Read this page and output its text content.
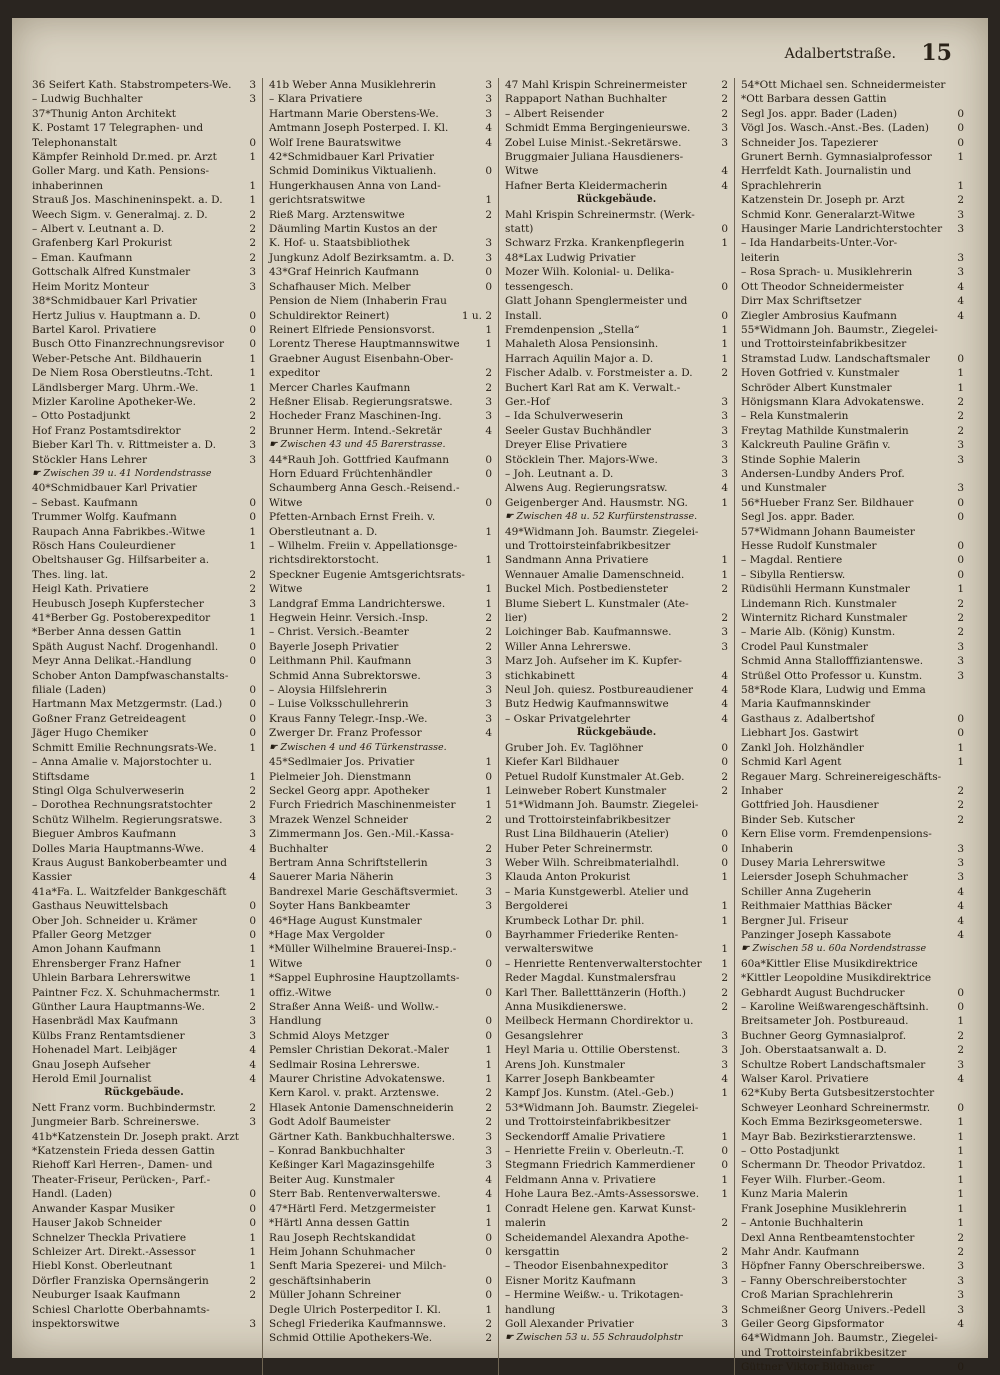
Adalbertstraße. 15
36 Seifert Kath. Stabstrompeters-We.	3
– Ludwig Buchhalter	3
37*Thunig Anton Architekt
K. Postamt 17 Telegraphen- und
Telephonanstalt	0
Kämpfer Reinhold Dr.med. pr. Arzt	1
Goller Marg. und Kath. Pensions-
inhaberinnen	1
Strauß Jos. Maschineninspekt. a. D.	1
Weech Sigm. v. Generalmaj. z. D.	2
– Albert v. Leutnant a. D.	2
Grafenberg Karl Prokurist	2
– Eman. Kaufmann	2
Gottschalk Alfred Kunstmaler	3
Heim Moritz Monteur	3
38*Schmidbauer Karl Privatier
Hertz Julius v. Hauptmann a. D.	0
Bartel Karol. Privatiere	0
Busch Otto Finanzrechnungsrevisor	0
Weber-Petsche Ant. Bildhauerin	1
De Niem Rosa Oberstleutns.-Tcht.	1
Ländlsberger Marg. Uhrm.-We.	1
Mizler Karoline Apotheker-We.	2
– Otto Postadjunkt	2
Hof Franz Postamtsdirektor	2
Bieber Karl Th. v. Rittmeister a. D.	3
Stöckler Hans Lehrer	3
☛ Zwischen 39 u. 41 Nordendstrasse
40*Schmidbauer Karl Privatier
– Sebast. Kaufmann	0
Trummer Wolfg. Kaufmann	0
Raupach Anna Fabrikbes.-Witwe	1
Rösch Hans Couleurdiener	1
Obeltshauser Gg. Hilfsarbeiter a.
Thes. ling. lat.	2
Heigl Kath. Privatiere	2
Heubusch Joseph Kupferstecher	3
41*Berber Gg. Postoberexpeditor	1
*Berber Anna dessen Gattin	1
Späth August Nachf. Drogenhandl.	0
Meyr Anna Delikat.-Handlung	0
Schober Anton Dampfwaschanstalts-
filiale (Laden)	0
Hartmann Max Metzgermstr. (Lad.)	0
Goßner Franz Getreideagent	0
Jäger Hugo Chemiker	0
Schmitt Emilie Rechnungsrats-We.	1
– Anna Amalie v. Majorstochter u.
Stiftsdame	1
Stingl Olga Schulverweserin	2
– Dorothea Rechnungsratstochter	2
Schütz Wilhelm. Regierungsratswe.	3
Bieguer Ambros Kaufmann	3
Dolles Maria Hauptmanns-Wwe.	4
Kraus August Bankoberbeamter und
Kassier	4
41a*Fa. L. Waitzfelder Bankgeschäft
Gasthaus Neuwittelsbach	0
Ober Joh. Schneider u. Krämer	0
Pfaller Georg Metzger	0
Amon Johann Kaufmann	1
Ehrensberger Franz Hafner	1
Uhlein Barbara Lehrerswitwe	1
Paintner Fcz. X. Schuhmachermstr.	1
Günther Laura Hauptmanns-We.	2
Hasenbrädl Max Kaufmann	3
Külbs Franz Rentamtsdiener	3
Hohenadel Mart. Leibjäger	4
Gnau Joseph Aufseher	4
Herold Emil Journalist	4
Rückgebäude.
Nett Franz vorm. Buchbindermstr.	2
Jungmeier Barb. Schreinerswe.	3
41b*Katzenstein Dr. Joseph prakt. Arzt
*Katzenstein Frieda dessen Gattin
Riehoff Karl Herren-, Damen- und
Theater-Friseur, Perücken-, Parf.-
Handl. (Laden)	0
Anwander Kaspar Musiker	0
Hauser Jakob Schneider	0
Schnelzer Theckla Privatiere	1
Schleizer Art. Direkt.-Assessor	1
Hiebl Konst. Oberleutnant	1
Dörfler Franziska Opernsängerin	2
Neuburger Isaak Kaufmann	2
Schiesl Charlotte Oberbahnamts-
inspektorswitwe	3
41b Weber Anna Musiklehrerin	3
– Klara Privatiere	3
Hartmann Marie Oberstens-We.	3
Amtmann Joseph Posterped. I. Kl.	4
Wolf Irene Bauratswitwe	4
42*Schmidbauer Karl Privatier
Schmid Dominikus Viktualienh.	0
Hungerkhausen Anna von Land-
gerichtsratswitwe	1
Rieß Marg. Arztenswitwe	2
Däumling Martin Kustos an der
K. Hof- u. Staatsbibliothek	3
Jungkunz Adolf Bezirksamtm. a. D.	3
43*Graf Heinrich Kaufmann	0
Schafhauser Mich. Melber	0
Pension de Niem (Inhaberin Frau
Schuldirektor Reinert)	1 u. 2
Reinert Elfriede Pensionsvorst.	1
Lorentz Therese Hauptmannswitwe	1
Graebner August Eisenbahn-Ober-
expeditor	2
Mercer Charles Kaufmann	2
Heßner Elisab. Regierungsratswe.	3
Hocheder Franz Maschinen-Ing.	3
Brunner Herm. Intend.-Sekretär	4
☛ Zwischen 43 und 45 Barerstrasse.
44*Rauh Joh. Gottfried Kaufmann	0
Horn Eduard Früchtenhändler	0
Schaumberg Anna Gesch.-Reisend.-
Witwe	0
Pfetten-Arnbach Ernst Freih. v.
Oberstleutnant a. D.	1
– Wilhelm. Freiin v. Appellationsge-
richtsdirektorstocht.	1
Speckner Eugenie Amtsgerichtsrats-
Witwe	1
Landgraf Emma Landrichterswe.	1
Hegwein Heinr. Versich.-Insp.	2
– Christ. Versich.-Beamter	2
Bayerle Joseph Privatier	2
Leithmann Phil. Kaufmann	3
Schmid Anna Subrektorswe.	3
– Aloysia Hilfslehrerin	3
– Luise Volksschullehrerin	3
Kraus Fanny Telegr.-Insp.-We.	3
Zwerger Dr. Franz Professor	4
☛ Zwischen 4 und 46 Türkenstrasse.
45*Sedlmaier Jos. Privatier	1
Pielmeier Joh. Dienstmann	0
Seckel Georg appr. Apotheker	1
Furch Friedrich Maschinenmeister	1
Mrazek Wenzel Schneider	2
Zimmermann Jos. Gen.-Mil.-Kassa-
Buchhalter	2
Bertram Anna Schriftstellerin	3
Sauerer Maria Näherin	3
Bandrexel Marie Geschäftsvermiet.	3
Soyter Hans Bankbeamter	3
46*Hage August Kunstmaler
*Hage Max Vergolder	0
*Müller Wilhelmine Brauerei-Insp.-
Witwe	0
*Sappel Euphrosine Hauptzollamts-
offiz.-Witwe	0
Straßer Anna Weiß- und Wollw.-
Handlung	0
Schmid Aloys Metzger	0
Pemsler Christian Dekorat.-Maler	1
Sedlmair Rosina Lehrerswe.	1
Maurer Christine Advokatenswe.	1
Kern Karol. v. prakt. Arztenswe.	2
Hlasek Antonie Damenschneiderin	2
Godt Adolf Baumeister	2
Gärtner Kath. Bankbuchhalterswe.	3
– Konrad Bankbuchhalter	3
Keßinger Karl Magazinsgehilfe	3
Beiter Aug. Kunstmaler	4
Sterr Bab. Rentenverwalterswe.	4
47*Härtl Ferd. Metzgermeister	1
*Härtl Anna dessen Gattin	1
Rau Joseph Rechtskandidat	0
Heim Johann Schuhmacher	0
Senft Maria Spezerei- und Milch-
geschäftsinhaberin	0
Müller Johann Schreiner	0
Degle Ulrich Posterpeditor I. Kl.	1
Schegl Friederika Kaufmannswe.	2
Schmid Ottilie Apothekers-We.	2
47 Mahl Krispin Schreinermeister	2
Rappaport Nathan Buchhalter	2
– Albert Reisender	2
Schmidt Emma Bergingenieurswe.	3
Zobel Luise Minist.-Sekretärswe.	3
Bruggmaier Juliana Hausdieners-
Witwe	4
Hafner Berta Kleidermacherin	4
Rückgebäude.
Mahl Krispin Schreinermstr. (Werk-
statt)	0
Schwarz Frzka. Krankenpflegerin	1
48*Lax Ludwig Privatier
Mozer Wilh. Kolonial- u. Delika-
tessengesch.	0
Glatt Johann Spenglermeister und
Install.	0
Fremdenpension „Stella“	1
Mahaleth Alosa Pensionsinh.	1
Harrach Aquilin Major a. D.	1
Fischer Adalb. v. Forstmeister a. D.	2
Buchert Karl Rat am K. Verwalt.-
Ger.-Hof	3
– Ida Schulverweserin	3
Seeler Gustav Buchhändler	3
Dreyer Elise Privatiere	3
Stöcklein Ther. Majors-Wwe.	3
– Joh. Leutnant a. D.	3
Alwens Aug. Regierungsratsw.	4
Geigenberger And. Hausmstr. NG.	1
☛ Zwischen 48 u. 52 Kurfürstenstrasse.
49*Widmann Joh. Baumstr. Ziegelei-
und Trottoirsteinfabrikbesitzer
Sandmann Anna Privatiere	1
Wennauer Amalie Damenschneid.	1
Buckel Mich. Postbediensteter	2
Blume Siebert L. Kunstmaler (Ate-
lier)	2
Loichinger Bab. Kaufmannswe.	3
Willer Anna Lehrerswe.	3
Marz Joh. Aufseher im K. Kupfer-
stichkabinett	4
Neul Joh. quiesz. Postbureaudiener	4
Butz Hedwig Kaufmannswitwe	4
– Oskar Privatgelehrter	4
Rückgebäude.
Gruber Joh. Ev. Taglöhner	0
Kiefer Karl Bildhauer	0
Petuel Rudolf Kunstmaler At.Geb.	2
Leinweber Robert Kunstmaler	2
51*Widmann Joh. Baumstr. Ziegelei-
und Trottoirsteinfabrikbesitzer
Rust Lina Bildhauerin (Atelier)	0
Huber Peter Schreinermstr.	0
Weber Wilh. Schreibmaterialhdl.	0
Klauda Anton Prokurist	1
– Maria Kunstgewerbl. Atelier und
Bergolderei	1
Krumbeck Lothar Dr. phil.	1
Bayrhammer Friederike Renten-
verwalterswitwe	1
– Henriette Rentenverwalterstochter	1
Reder Magdal. Kunstmalersfrau	2
Karl Ther. Balletttänzerin (Hofth.)	2
Anna Musikdienerswe.	2
Meilbeck Hermann Chordirektor u.
Gesangslehrer	3
Heyl Maria u. Ottilie Oberstenst.	3
Arens Joh. Kunstmaler	3
Karrer Joseph Bankbeamter	4
Kampf Jos. Kunstm. (Atel.-Geb.)	1
53*Widmann Joh. Baumstr. Ziegelei-
und Trottoirsteinfabrikbesitzer
Seckendorff Amalie Privatiere	1
– Henriette Freiin v. Oberleutn.-T.	0
Stegmann Friedrich Kammerdiener	0
Feldmann Anna v. Privatiere	1
Hohe Laura Bez.-Amts-Assessorswe.	1
Conradt Helene gen. Karwat Kunst-
malerin	2
Scheidemandel Alexandra Apothe-
kersgattin	2
– Theodor Eisenbahnexpeditor	3
Eisner Moritz Kaufmann	3
– Hermine Weißw.- u. Trikotagen-
handlung	3
Goll Alexander Privatier	3
☛ Zwischen 53 u. 55 Schraudolphstr
54*Ott Michael sen. Schneidermeister
*Ott Barbara dessen Gattin
Segl Jos. appr. Bader (Laden)	0
Vögl Jos. Wasch.-Anst.-Bes. (Laden)	0
Schneider Jos. Tapezierer	0
Grunert Bernh. Gymnasialprofessor	1
Herrfeldt Kath. Journalistin und
Sprachlehrerin	1
Katzenstein Dr. Joseph pr. Arzt	2
Schmid Konr. Generalarzt-Witwe	3
Hausinger Marie Landrichterstochter	3
– Ida Handarbeits-Unter.-Vor-
leiterin	3
– Rosa Sprach- u. Musiklehrerin	3
Ott Theodor Schneidermeister	4
Dirr Max Schriftsetzer	4
Ziegler Ambrosius Kaufmann	4
55*Widmann Joh. Baumstr., Ziegelei-
und Trottoirsteinfabrikbesitzer
Stramstad Ludw. Landschaftsmaler	0
Hoven Gotfried v. Kunstmaler	1
Schröder Albert Kunstmaler	1
Hönigsmann Klara Advokatenswe.	2
– Rela Kunstmalerin	2
Freytag Mathilde Kunstmalerin	2
Kalckreuth Pauline Gräfin v.	3
Stinde Sophie Malerin	3
Andersen-Lundby Anders Prof.
und Kunstmaler	3
56*Hueber Franz Ser. Bildhauer	0
Segl Jos. appr. Bader.	0
57*Widmann Johann Baumeister
Hesse Rudolf Kunstmaler	0
– Magdal. Rentiere	0
– Sibylla Rentiersw.	0
Rüdisühli Hermann Kunstmaler	1
Lindemann Rich. Kunstmaler	2
Winternitz Richard Kunstmaler	2
– Marie Alb. (König) Kunstm.	2
Crodel Paul Kunstmaler	3
Schmid Anna Stallofffiziantenswe.	3
Strüßel Otto Professor u. Kunstm.	3
58*Rode Klara, Ludwig und Emma
Maria Kaufmannskinder
Gasthaus z. Adalbertshof	0
Liebhart Jos. Gastwirt	0
Zankl Joh. Holzhändler	1
Schmid Karl Agent	1
Regauer Marg. Schreinereigeschäfts-
Inhaber	2
Gottfried Joh. Hausdiener	2
Binder Seb. Kutscher	2
Kern Elise vorm. Fremdenpensions-
Inhaberin	3
Dusey Maria Lehrerswitwe	3
Leiersder Joseph Schuhmacher	3
Schiller Anna Zugeherin	4
Reithmaier Matthias Bäcker	4
Bergner Jul. Friseur	4
Panzinger Joseph Kassabote	4
☛ Zwischen 58 u. 60a Nordendstrasse
60a*Kittler Elise Musikdirektrice
*Kittler Leopoldine Musikdirektrice
Gebhardt August Buchdrucker	0
– Karoline Weißwarengeschäftsinh.	0
Breitsameter Joh. Postbureaud.	1
Buchner Georg Gymnasialprof.	2
Joh. Oberstaatsanwalt a. D.	2
Schultze Robert Landschaftsmaler	3
Walser Karol. Privatiere	4
62*Kuby Berta Gutsbesitzerstochter
Schweyer Leonhard Schreinermstr.	0
Koch Emma Bezirksgeometerswe.	1
Mayr Bab. Bezirkstierarztenswe.	1
– Otto Postadjunkt	1
Schermann Dr. Theodor Privatdoz.	1
Feyer Wilh. Flurber.-Geom.	1
Kunz Maria Malerin	1
Frank Josephine Musiklehrerin	1
– Antonie Buchhalterin	1
Dexl Anna Rentbeamtenstochter	2
Mahr Andr. Kaufmann	2
Höpfner Fanny Oberschreiberswe.	3
– Fanny Oberschreiberstochter	3
Croß Marian Sprachlehrerin	3
Schmeißner Georg Univers.-Pedell	3
Geiler Georg Gipsformator	4
64*Widmann Joh. Baumstr., Ziegelei-
und Trottoirsteinfabrikbesitzer
Güttner Viktor Bildhauer	0
